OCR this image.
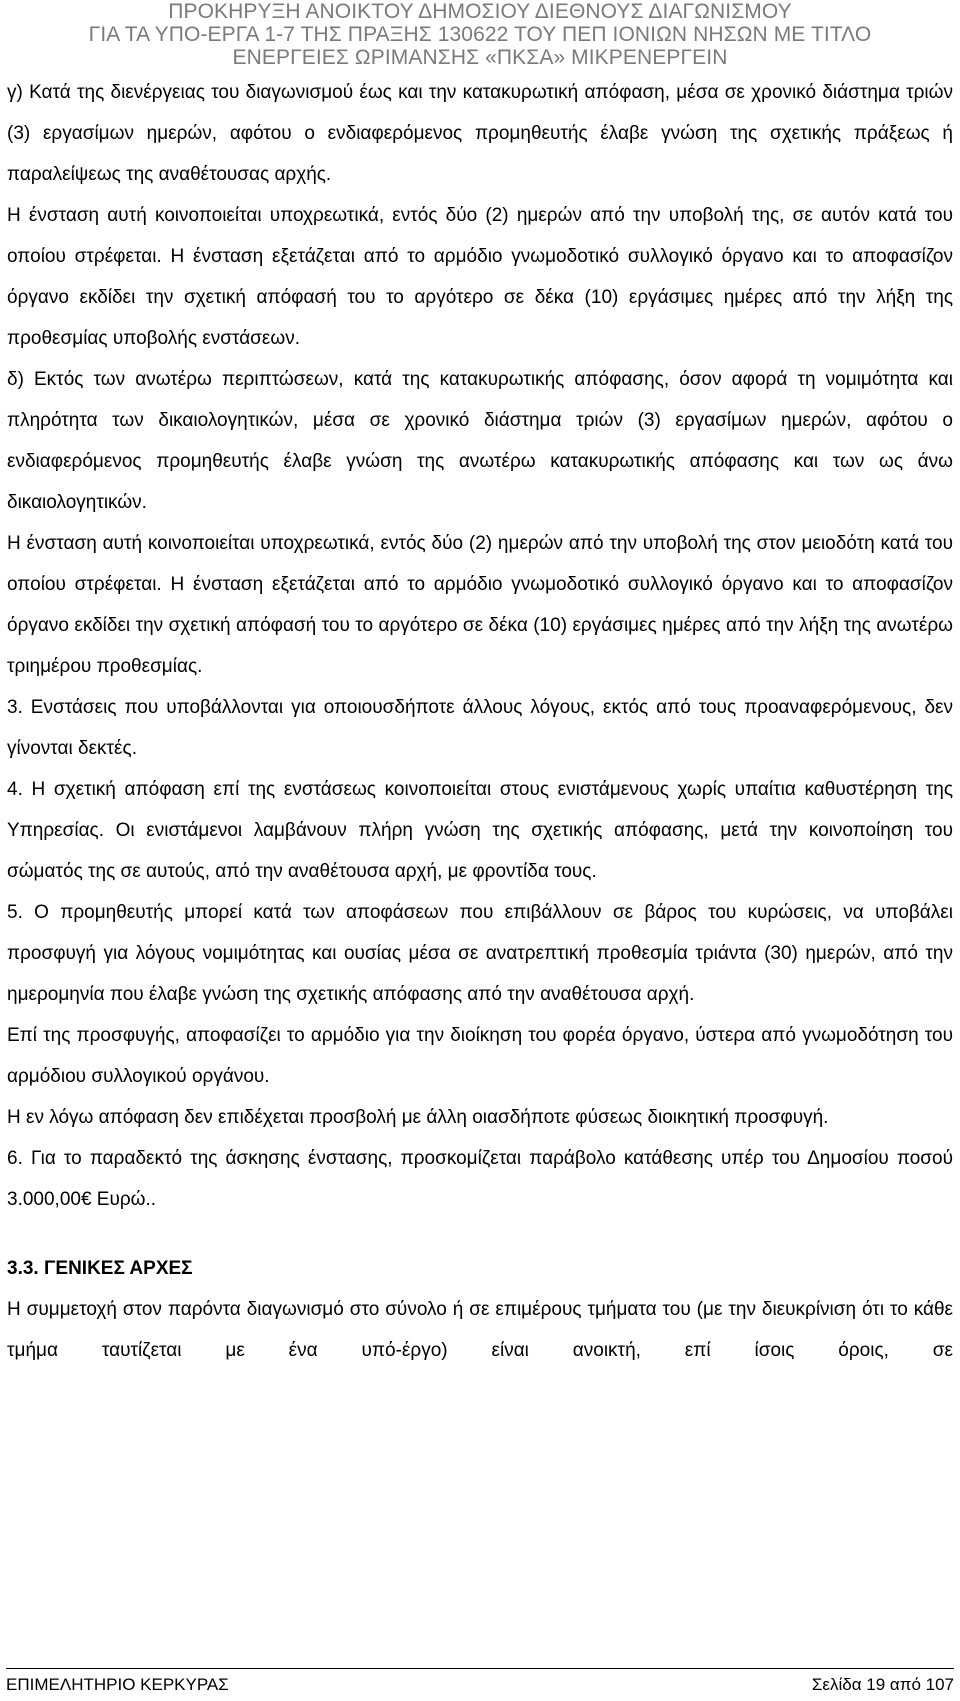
ΠΡΟΚΗΡΥΞΗ ΑΝΟΙΚΤΟΥ ΔΗΜΟΣΙΟΥ ΔΙΕΘΝΟΥΣ ΔΙΑΓΩΝΙΣΜΟΥ
ΓΙΑ ΤΑ ΥΠΟ-ΕΡΓΑ 1-7 ΤΗΣ ΠΡΑΞΗΣ 130622 ΤΟΥ ΠΕΠ ΙΟΝΙΩΝ ΝΗΣΩΝ ΜΕ ΤΙΤΛΟ
ΕΝΕΡΓΕΙΕΣ ΩΡΙΜΑΝΣΗΣ «ΠΚΣΑ» ΜΙΚΡΕΝΕΡΓΕΙΝ

γ) Κατά της διενέργειας του διαγωνισμού έως και την κατακυρωτική απόφαση, μέσα σε χρονικό διάστημα τριών (3) εργασίμων ημερών, αφότου ο ενδιαφερόμενος προμηθευτής έλαβε γνώση της σχετικής πράξεως ή παραλείψεως της αναθέτουσας αρχής.

Η ένσταση αυτή κοινοποιείται υποχρεωτικά, εντός δύο (2) ημερών από την υποβολή της, σε αυτόν κατά του οποίου στρέφεται. Η ένσταση εξετάζεται από το αρμόδιο γνωμοδοτικό συλλογικό όργανο και το αποφασίζον όργανο εκδίδει την σχετική απόφασή του το αργότερο σε δέκα (10) εργάσιμες ημέρες από την λήξη της προθεσμίας υποβολής ενστάσεων.

δ) Εκτός των ανωτέρω περιπτώσεων, κατά της κατακυρωτικής απόφασης, όσον αφορά τη νομιμότητα και πληρότητα των δικαιολογητικών, μέσα σε χρονικό διάστημα τριών (3) εργασίμων ημερών, αφότου ο ενδιαφερόμενος προμηθευτής έλαβε γνώση της ανωτέρω κατακυρωτικής απόφασης και των ως άνω δικαιολογητικών.

Η ένσταση αυτή κοινοποιείται υποχρεωτικά, εντός δύο (2) ημερών από την υποβολή της στον μειοδότη κατά του οποίου στρέφεται. Η ένσταση εξετάζεται από το αρμόδιο γνωμοδοτικό συλλογικό όργανο και το αποφασίζον όργανο εκδίδει την σχετική απόφασή του το αργότερο σε δέκα (10) εργάσιμες ημέρες από την λήξη της ανωτέρω τριημέρου προθεσμίας.

3. Ενστάσεις που υποβάλλονται για οποιουσδήποτε άλλους λόγους, εκτός από τους προαναφερόμενους, δεν γίνονται δεκτές.

4. Η σχετική απόφαση επί της ενστάσεως κοινοποιείται στους ενιστάμενους χωρίς υπαίτια καθυστέρηση της Υπηρεσίας. Οι ενιστάμενοι λαμβάνουν πλήρη γνώση της σχετικής απόφασης, μετά την κοινοποίηση του σώματός της σε αυτούς, από την αναθέτουσα αρχή, με φροντίδα τους.

5. Ο προμηθευτής μπορεί κατά των αποφάσεων που επιβάλλουν σε βάρος του κυρώσεις, να υποβάλει προσφυγή για λόγους νομιμότητας και ουσίας μέσα σε ανατρεπτική προθεσμία τριάντα (30) ημερών, από την ημερομηνία που έλαβε γνώση της σχετικής απόφασης από την αναθέτουσα αρχή.

Επί της προσφυγής, αποφασίζει το αρμόδιο για την διοίκηση του φορέα όργανο, ύστερα από γνωμοδότηση του αρμόδιου συλλογικού οργάνου.

Η εν λόγω απόφαση δεν επιδέχεται προσβολή με άλλη οιασδήποτε φύσεως διοικητική προσφυγή.

6. Για το παραδεκτό της άσκησης ένστασης, προσκομίζεται παράβολο κατάθεσης υπέρ του Δημοσίου ποσού 3.000,00€ Ευρώ..

3.3. ΓΕΝΙΚΕΣ ΑΡΧΕΣ

Η συμμετοχή στον παρόντα διαγωνισμό στο σύνολο ή σε επιμέρους τμήματα του (με την διευκρίνιση ότι το κάθε τμήμα ταυτίζεται με ένα υπό-έργο) είναι ανοικτή, επί ίσοις όροις, σε

ΕΠΙΜΕΛΗΤΗΡΙΟ ΚΕΡΚΥΡΑΣ	Σελίδα 19 από 107
